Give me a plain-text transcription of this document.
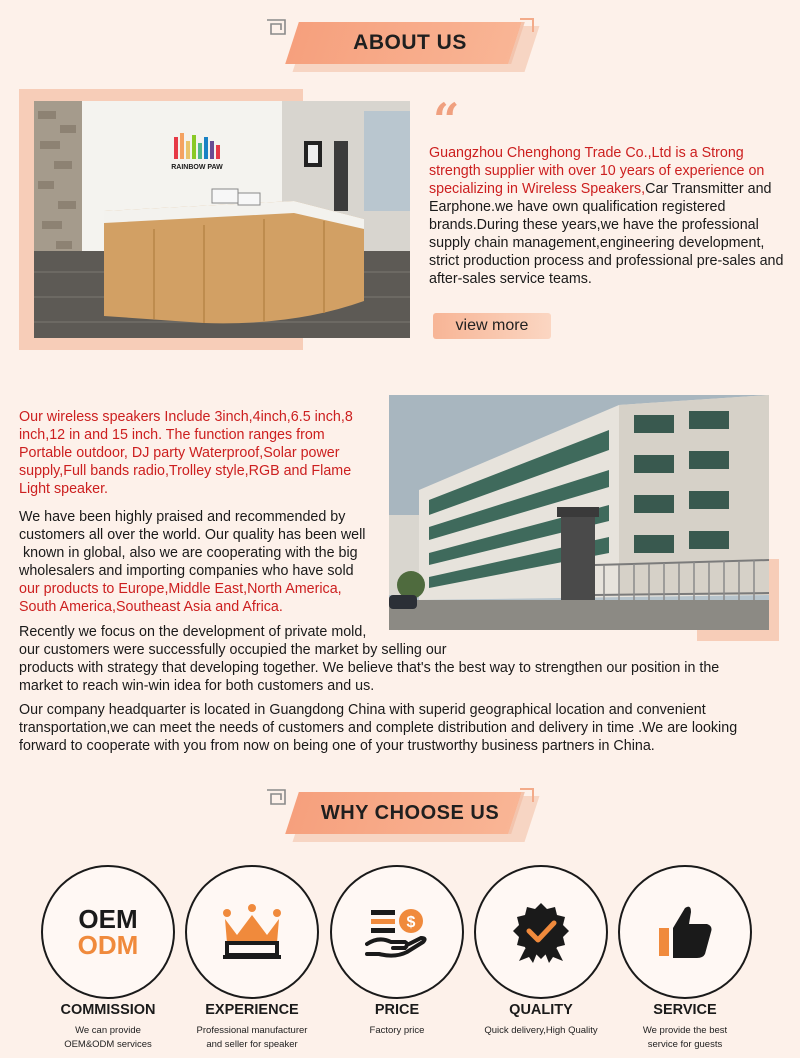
ABOUT US
RAINBOW PAW
“

Guangzhou Chenghong Trade Co.,Ltd is a Strong strength supplier with over 10 years of experience on specializing in Wireless Speakers,Car Transmitter and Earphone.we have own qualification registered brands.During these years,we have the professional supply chain management,engineering development, strict production process and professional pre-sales and after-sales service teams.

view more

Our wireless speakers Include 3inch,4inch,6.5 inch,8

inch,12 in and 15 inch. The function ranges from

Portable outdoor, DJ party Waterproof,Solar power

supply,Full bands radio,Trolley style,RGB and Flame

Light speaker.

We have been highly praised and recommended by

customers all over the world. Our quality has been well

known in global, also we are cooperating with the big

wholesalers and importing companies who have sold

our products to Europe,Middle East,North America,

South America,Southeast Asia and Africa.

Recently we focus on the development of private mold,

our customers were successfully occupied the market by selling our

products with strategy that developing together. We believe that's the best way to strengthen our position in the

market to reach win-win idea for both customers and us.

Our company headquarter is located in Guangdong China with superid geographical location and convenient

transportation,we can meet the needs of customers and complete distribution and delivery in time .We are looking

forward to cooperate with you from now on being one of your trustworthy business partners in China.

WHY CHOOSE US
OEM
ODM
COMMISSION
We can provide
OEM&ODM services
EXPERIENCE
Professional manufacturer
and seller for speaker
$
PRICE
Factory price
QUALITY
Quick delivery,High Quality
SERVICE
We provide the best
service for guests
